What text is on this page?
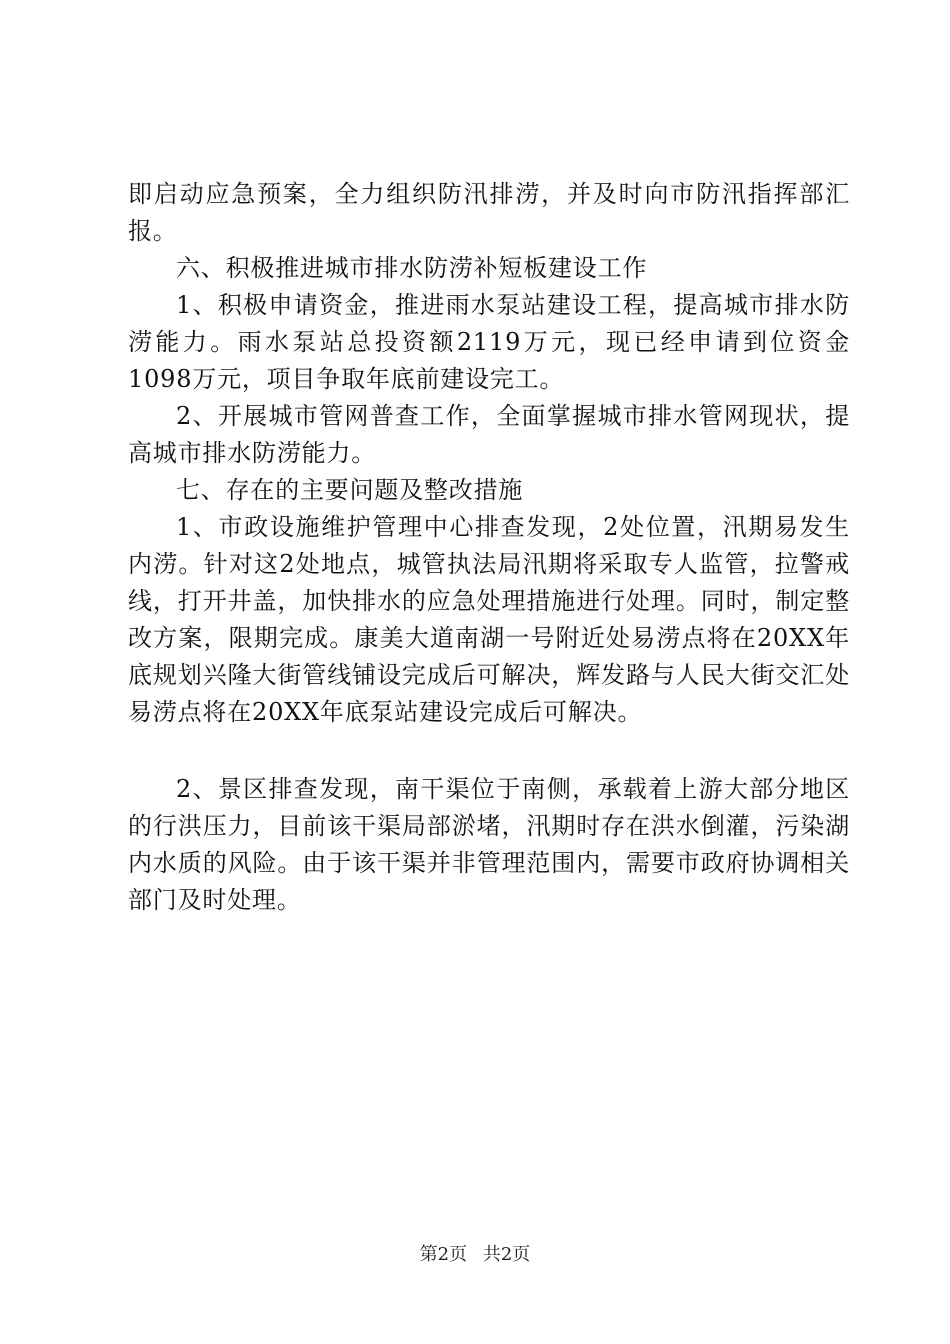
即启动应急预案，全力组织防汛排涝，并及时向市防汛指挥部汇报。

六、积极推进城市排水防涝补短板建设工作

1、积极申请资金，推进雨水泵站建设工程，提高城市排水防涝能力。雨水泵站总投资额2119万元，现已经申请到位资金1098万元，项目争取年底前建设完工。

2、开展城市管网普查工作，全面掌握城市排水管网现状，提高城市排水防涝能力。

七、存在的主要问题及整改措施

1、市政设施维护管理中心排查发现，2处位置，汛期易发生内涝。针对这2处地点，城管执法局汛期将采取专人监管，拉警戒线，打开井盖，加快排水的应急处理措施进行处理。同时，制定整改方案，限期完成。康美大道南湖一号附近处易涝点将在20XX年底规划兴隆大街管线铺设完成后可解决，辉发路与人民大街交汇处易涝点将在20XX年底泵站建设完成后可解决。

2、景区排查发现，南干渠位于南侧，承载着上游大部分地区的行洪压力，目前该干渠局部淤堵，汛期时存在洪水倒灌，污染湖内水质的风险。由于该干渠并非管理范围内，需要市政府协调相关部门及时处理。

第2页 共2页
